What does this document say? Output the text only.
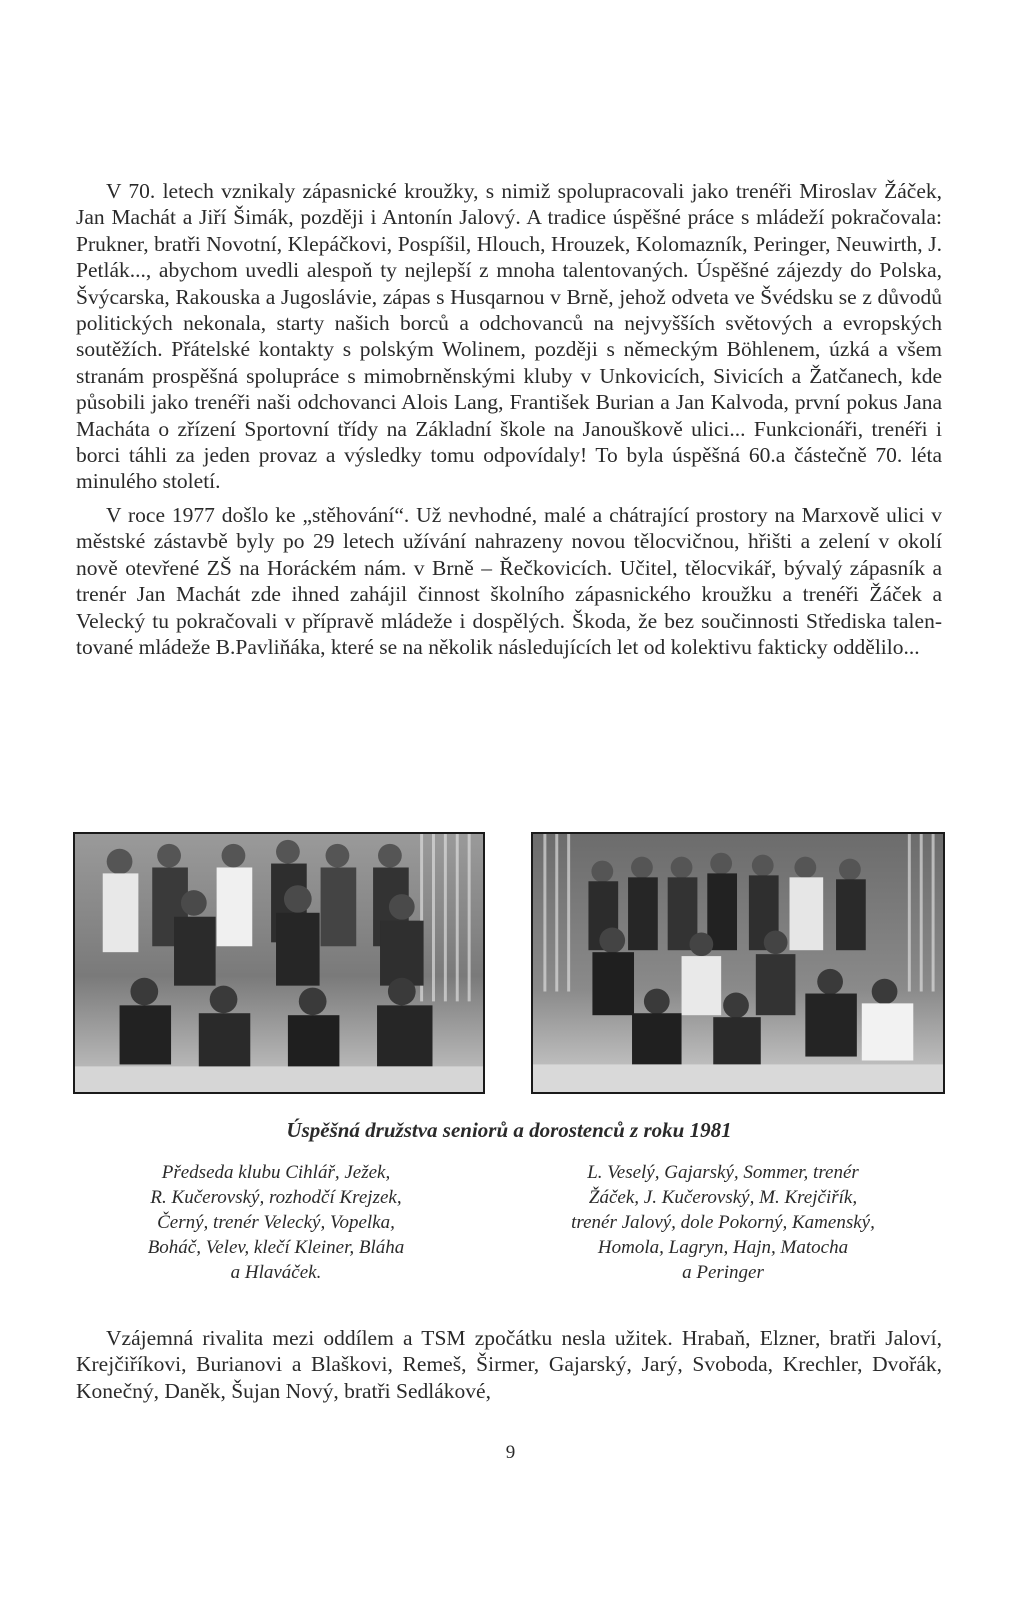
V 70. letech vznikaly zápasnické kroužky, s nimiž spolupracovali jako trenéři Miroslav Žáček, Jan Machát a Jiří Šimák, později i Antonín Jalový. A tradice úspěšné práce s mládeží pokračovala: Prukner, bratři Novotní, Klepáčkovi, Pospíšil, Hlouch, Hrouzek, Kolomazník, Peringer, Neuwirth, J. Petlák..., abychom uvedli alespoň ty nejlepší z mnoha talentovaných. Úspěšné zájezdy do Polska, Švýcarska, Rakouska a Jugoslávie, zápas s Husqarnou v Brně, jehož odveta ve Švédsku se z důvodů politických nekonala, starty našich borců a odchovanců na nejvyšších světových a evropských soutěžích. Přátelské kontakty s polským Wolinem, později s německým Böhlenem, úzká a všem stranám prospěšná spolupráce s mimobrněnskými kluby v Unkovicích, Sivicích a Žatčanech, kde působili jako trenéři naši odchovanci Alois Lang, František Burian a Jan Kalvoda, první pokus Jana Macháta o zřízení Sportovní třídy na Základní škole na Janouškově ulici... Funkcionáři, trenéři i borci táhli za jeden provaz a výsledky tomu odpovídaly! To byla úspěšná 60.a částečně 70. léta minulého století.

V roce 1977 došlo ke „stěhování“. Už nevhodné, malé a chátrající prostory na Marxově ulici v městské zástavbě byly po 29 letech užívání nahrazeny novou tělocvičnou, hřišti a zelení v okolí nově otevřené ZŠ na Horáckém nám. v Brně – Řečkovicích. Učitel, tělocvikář, bývalý zápasník a trenér Jan Machát zde ihned zahájil činnost školního zápasnického kroužku a trenéři Žáček a Velecký tu pokračovali v přípravě mládeže i dospělých. Škoda, že bez součinnosti Střediska talentované mládeže B.Pavliňáka, které se na několik následujících let od kolektivu fakticky oddělilo...

Úspěšná družstva seniorů a dorostenců z roku 1981

Předseda klubu Cihlář, Ježek,
R. Kučerovský, rozhodčí Krejzek,
Černý, trenér Velecký, Vopelka,
Boháč, Velev, klečí Kleiner, Bláha
a Hlaváček.
L. Veselý, Gajarský, Sommer, trenér
Žáček, J. Kučerovský, M. Krejčiřík,
trenér Jalový, dole Pokorný, Kamenský,
Homola, Lagryn, Hajn, Matocha
a Peringer

Vzájemná rivalita mezi oddílem a TSM zpočátku nesla užitek. Hrabaň, Elzner, bratři Jaloví, Krejčiříkovi, Burianovi a Blaškovi, Remeš, Širmer, Gajarský, Jarý, Svoboda, Krechler, Dvořák, Konečný, Daněk, Šujan Nový, bratři Sedlákové,

9
